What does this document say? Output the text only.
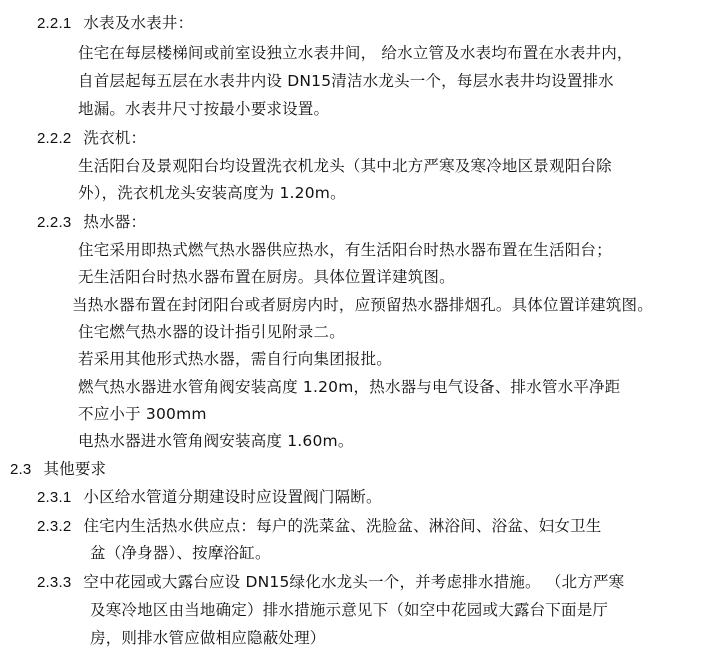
2.2.1 水表及水表井：
住宅在每层楼梯间或前室设独立水表井间， 给水立管及水表均布置在水表井内，
自首层起每五层在水表井内设 DN15清洁水龙头一个，每层水表井均设置排水
地漏。水表井尺寸按最小要求设置。
2.2.2 洗衣机：
生活阳台及景观阳台均设置洗衣机龙头（其中北方严寒及寒冷地区景观阳台除
外），洗衣机龙头安装高度为 1.20m。
2.2.3 热水器：
住宅采用即热式燃气热水器供应热水，有生活阳台时热水器布置在生活阳台；
无生活阳台时热水器布置在厨房。具体位置详建筑图。
当热水器布置在封闭阳台或者厨房内时，应预留热水器排烟孔。具体位置详建筑图。
住宅燃气热水器的设计指引见附录二。
若采用其他形式热水器，需自行向集团报批。
燃气热水器进水管角阀安装高度 1.20m，热水器与电气设备、排水管水平净距
不应小于 300mm
电热水器进水管角阀安装高度 1.60m。
2.3 其他要求
2.3.1 小区给水管道分期建设时应设置阀门隔断。
2.3.2 住宅内生活热水供应点：每户的洗菜盆、洗脸盆、淋浴间、浴盆、妇女卫生
盆（净身器）、按摩浴缸。
2.3.3 空中花园或大露台应设 DN15绿化水龙头一个，并考虑排水措施。 （北方严寒
及寒冷地区由当地确定）排水措施示意见下（如空中花园或大露台下面是厅
房，则排水管应做相应隐蔽处理）
